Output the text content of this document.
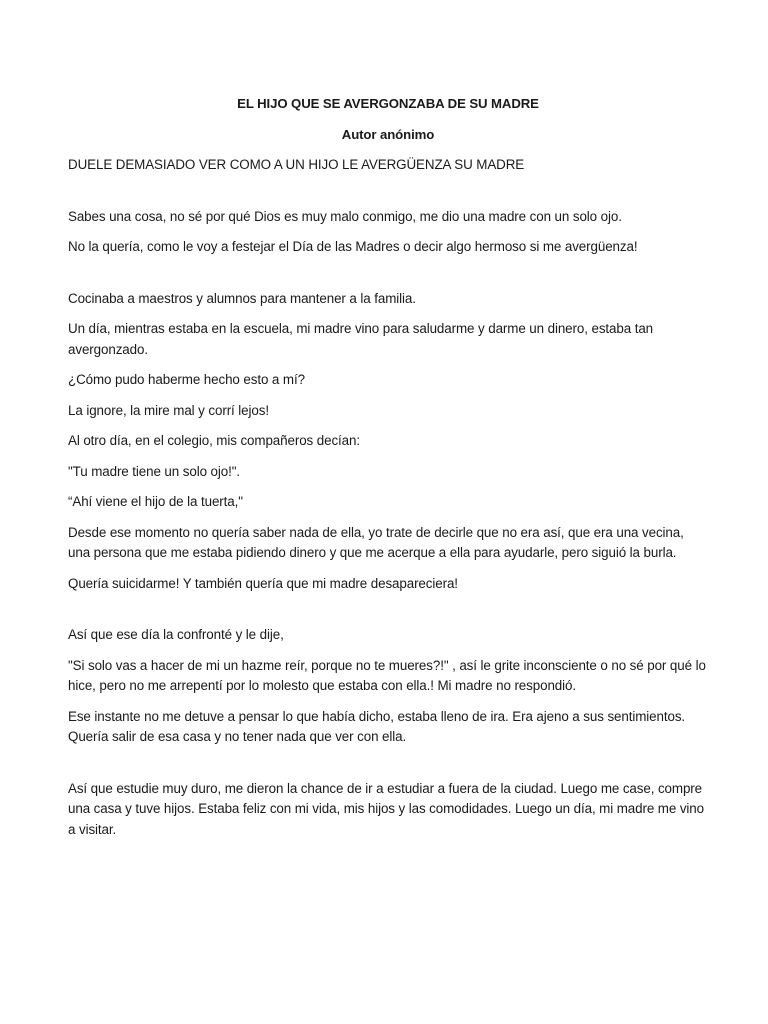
EL HIJO QUE SE AVERGONZABA DE SU MADRE
Autor anónimo
DUELE DEMASIADO VER COMO A UN HIJO LE AVERGÜENZA SU MADRE
Sabes una cosa, no sé por qué Dios es muy malo conmigo, me dio una madre con un solo ojo.
No la quería, como le voy a festejar el Día de las Madres o decir algo hermoso si me avergüenza!
Cocinaba a maestros y alumnos para mantener a la familia.
Un día, mientras estaba en la escuela, mi madre vino para saludarme y darme un dinero, estaba tan avergonzado.
¿Cómo pudo haberme hecho esto a mí?
La ignore, la mire mal y corrí lejos!
Al otro día, en el colegio, mis compañeros decían:
"Tu madre tiene un solo ojo!".
“Ahí viene el hijo de la tuerta,"
Desde ese momento no quería saber nada de ella, yo trate de decirle que no era así, que era una vecina, una persona que me estaba pidiendo dinero y que me acerque a ella para ayudarle, pero siguió la burla.
Quería suicidarme! Y también quería que mi madre desapareciera!
Así que ese día la confronté y le dije,
"Si solo vas a hacer de mi un hazme reír, porque no te mueres?!" , así le grite inconsciente o no sé por qué lo hice, pero no me arrepentí por lo molesto que estaba con ella.! Mi madre no respondió.
Ese instante no me detuve a pensar lo que había dicho, estaba lleno de ira. Era ajeno a sus sentimientos. Quería salir de esa casa y no tener nada que ver con ella.
Así que estudie muy duro, me dieron la chance de ir a estudiar a fuera de la ciudad. Luego me case, compre una casa y tuve hijos. Estaba feliz con mi vida, mis hijos y las comodidades. Luego un día, mi madre me vino a visitar.
